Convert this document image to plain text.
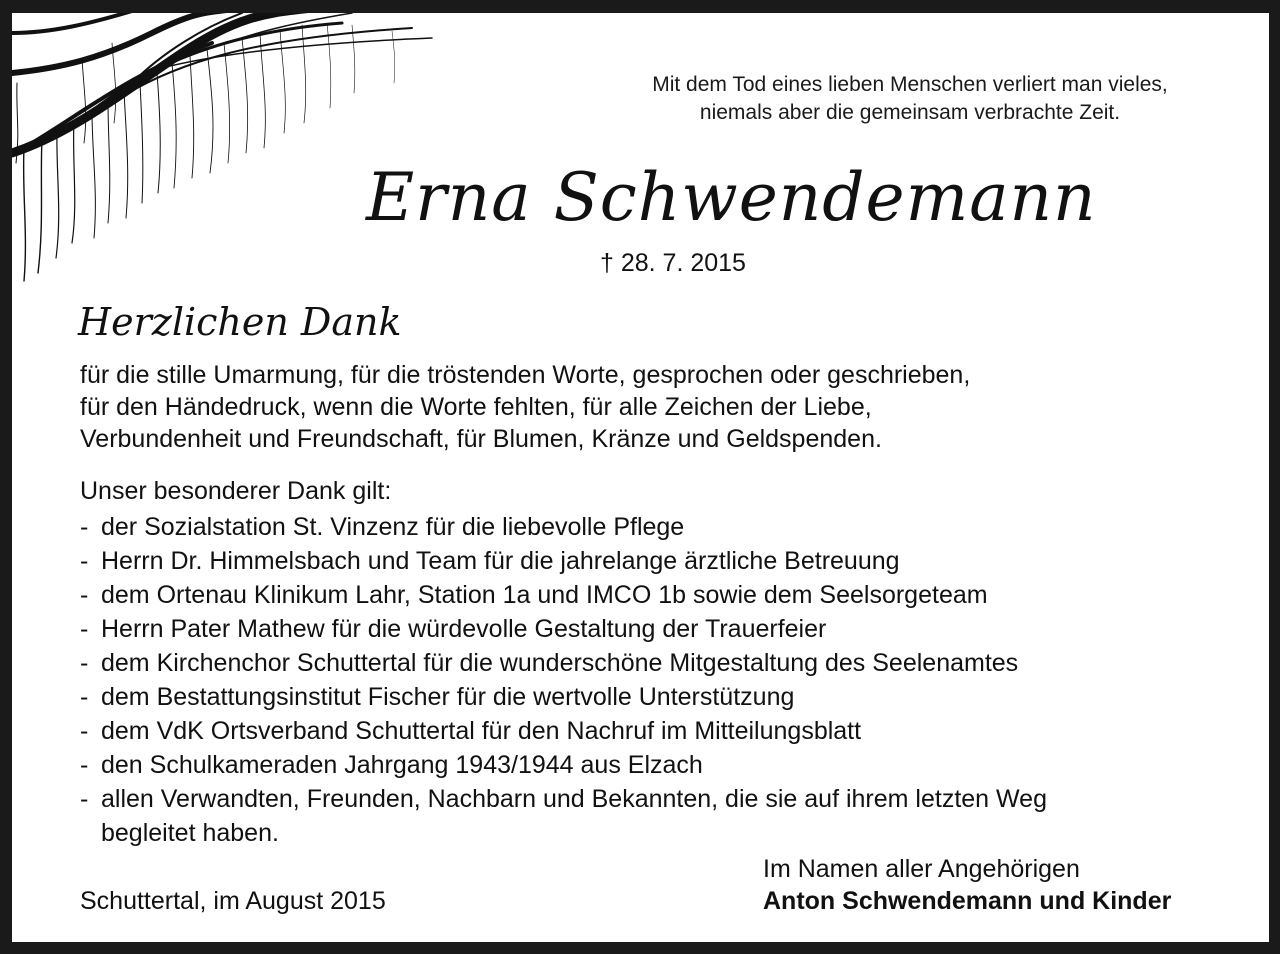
Mit dem Tod eines lieben Menschen verliert man vieles,
niemals aber die gemeinsam verbrachte Zeit.
Erna Schwendemann
† 28. 7. 2015
Herzlichen Dank
für die stille Umarmung, für die tröstenden Worte, gesprochen oder geschrieben,
für den Händedruck, wenn die Worte fehlten, für alle Zeichen der Liebe,
Verbundenheit und Freundschaft, für Blumen, Kränze und Geldspenden.
Unser besonderer Dank gilt:
- der Sozialstation St. Vinzenz für die liebevolle Pflege
- Herrn Dr. Himmelsbach und Team für die jahrelange ärztliche Betreuung
- dem Ortenau Klinikum Lahr, Station 1a und IMCO 1b sowie dem Seelsorgeteam
- Herrn Pater Mathew für die würdevolle Gestaltung der Trauerfeier
- dem Kirchenchor Schuttertal für die wunderschöne Mitgestaltung des Seelenamtes
- dem Bestattungsinstitut Fischer für die wertvolle Unterstützung
- dem VdK Ortsverband Schuttertal für den Nachruf im Mitteilungsblatt
- den Schulkameraden Jahrgang 1943/1944 aus Elzach
- allen Verwandten, Freunden, Nachbarn und Bekannten, die sie auf ihrem letzten Weg
begleitet haben.
Schuttertal, im August 2015
Im Namen aller Angehörigen
Anton Schwendemann und Kinder
